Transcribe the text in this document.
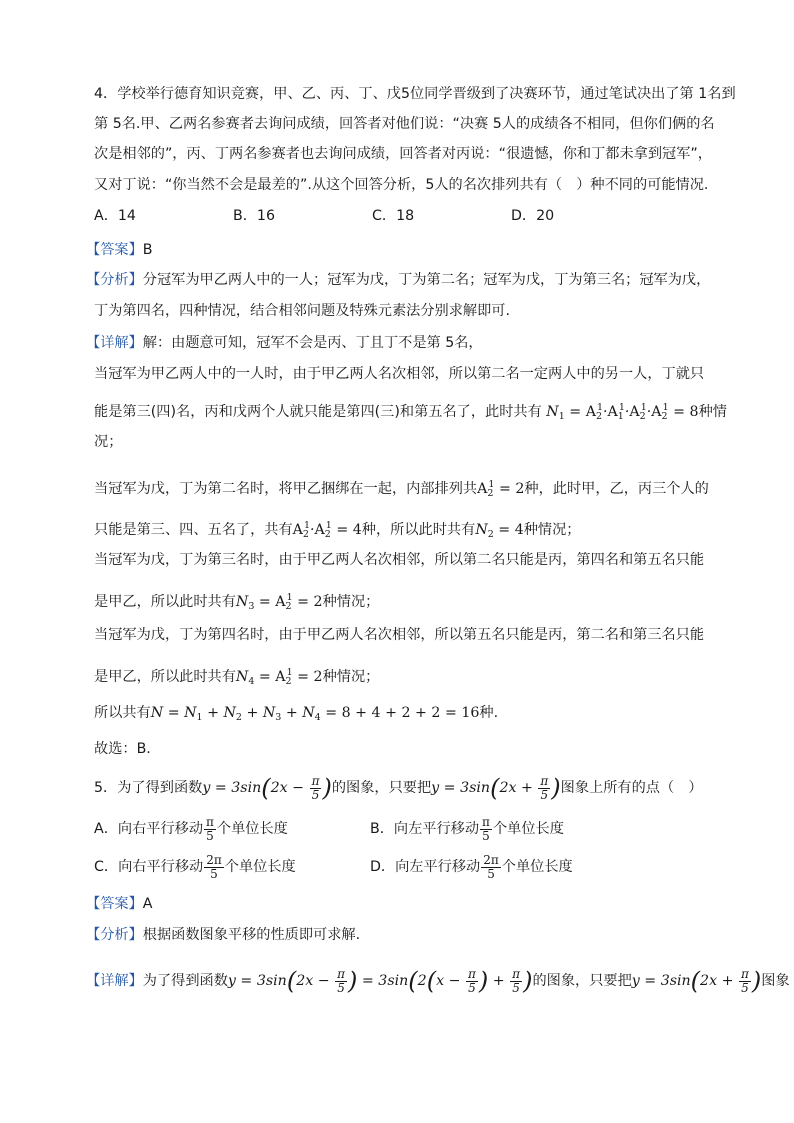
4．学校举行德育知识竞赛，甲、乙、丙、丁、戊5位同学晋级到了决赛环节，通过笔试决出了第 1名到
第 5名.甲、乙两名参赛者去询问成绩，回答者对他们说：“决赛 5人的成绩各不相同，但你们俩的名
次是相邻的”，丙、丁两名参赛者也去询问成绩，回答者对丙说：“很遗憾，你和丁都未拿到冠军”，
又对丁说：“你当然不会是最差的”.从这个回答分析，5人的名次排列共有（　）种不同的可能情况.
A．14	B．16	C．18	D．20
【答案】B
【分析】分冠军为甲乙两人中的一人；冠军为戊，丁为第二名；冠军为戊，丁为第三名；冠军为戊，
丁为第四名，四种情况，结合相邻问题及特殊元素法分别求解即可.
【详解】解：由题意可知，冠军不会是丙、丁且丁不是第 5名，
当冠军为甲乙两人中的一人时，由于甲乙两人名次相邻，所以第二名一定两人中的另一人，丁就只
能是第三(四)名，丙和戊两个人就只能是第四(三)和第五名了，此时共有 $N_1 = A_2^1\cdot A_1^1\cdot A_2^1\cdot A_2^1 = 8$种情
况；
当冠军为戊，丁为第二名时，将甲乙捆绑在一起，内部排列共$A_2^1 = 2$种，此时甲，乙，丙三个人的
只能是第三、四、五名了，共有$A_2^1\cdot A_2^1 = 4$种，所以此时共有$N_2 = 4$种情况；
当冠军为戊，丁为第三名时，由于甲乙两人名次相邻，所以第二名只能是丙，第四名和第五名只能
是甲乙，所以此时共有$N_3 = A_2^1 = 2$种情况；
当冠军为戊，丁为第四名时，由于甲乙两人名次相邻，所以第五名只能是丙，第二名和第三名只能
是甲乙，所以此时共有$N_4 = A_2^1 = 2$种情况；
所以共有$N = N_1 + N_2 + N_3 + N_4 = 8 + 4 + 2 + 2 = 16$种.
故选：B.
5．为了得到函数$y = 3\sin(2x - \frac{\pi}{5}$ )的图象，只要把$y = 3\sin(2x + \frac{\pi}{5}$ )图象上所有的点（　）
A．向右平行移动 $\frac{\pi}{5}$ 个单位长度	B．向左平行移动 $\frac{\pi}{5}$ 个单位长度
C．向右平行移动 $\frac{2\pi}{5}$ 个单位长度	D．向左平行移动 $\frac{2\pi}{5}$ 个单位长度
【答案】A
【分析】根据函数图象平移的性质即可求解.
【详解】为了得到函数$y = 3\sin(2x - \frac{\pi}{5}$ ) = $3\sin(2(x - \frac{\pi}{5}$ ) + $\frac{\pi}{5}$ )的图象，只要把$y = 3\sin(2x + \frac{\pi}{5}$ )图象
